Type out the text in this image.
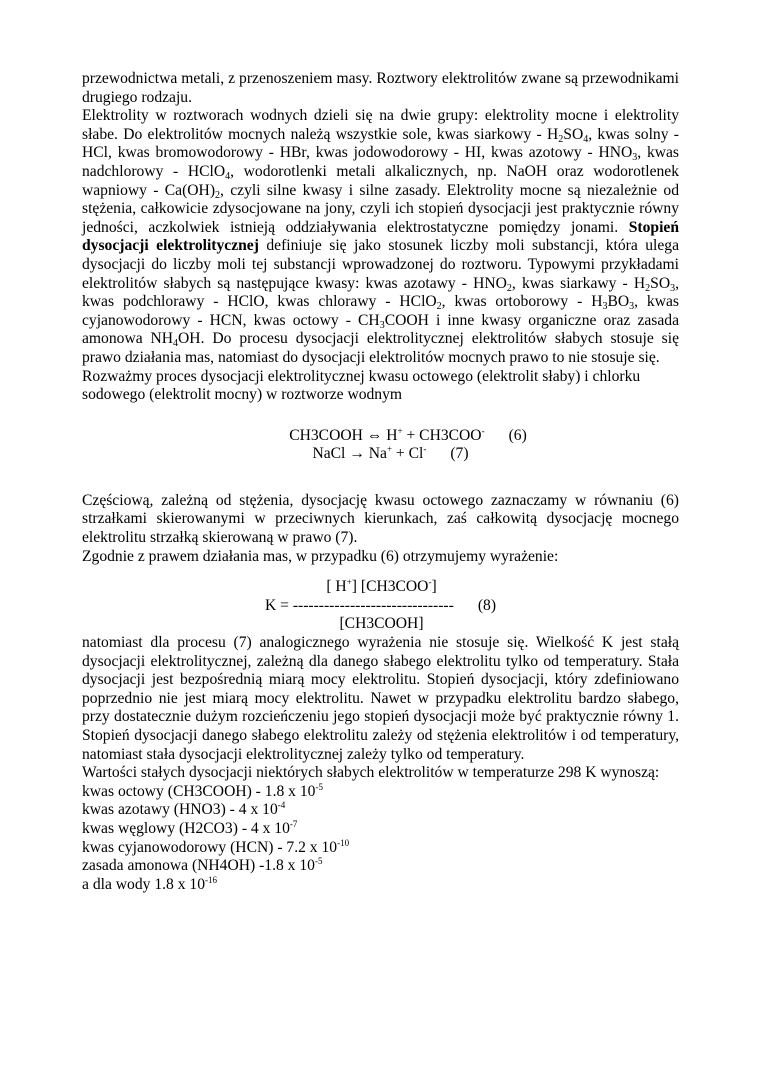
przewodnictwa metali, z przenoszeniem masy. Roztwory elektrolitów zwane są przewodnikami drugiego rodzaju.

Elektrolity w roztworach wodnych dzieli się na dwie grupy: elektrolity mocne i elektrolity słabe. Do elektrolitów mocnych należą wszystkie sole, kwas siarkowy - $H_2SO_4$, kwas solny - HCl, kwas bromowodorowy - HBr, kwas jodowodorowy - HI, kwas azotowy - $HNO_3$, kwas nadchlorowy - HClO$_4$, wodorotlenki metali alkalicznych, np. NaOH oraz wodorotlenek wapniowy - $Ca(OH)_2$, czyli silne kwasy i silne zasady. Elektrolity mocne są niezależnie od stężenia, całkowicie zdysocjowane na jony, czyli ich stopień dysocjacji jest praktycznie równy jedności, aczkolwiek istnieją oddziaływania elektrostatyczne pomiędzy jonami. Stopień dysocjacji elektrolitycznej definiuje się jako stosunek liczby moli substancji, która ulega dysocjacji do liczby moli tej substancji wprowadzonej do roztworu. Typowymi przykładami elektrolitów słabych są następujące kwasy: kwas azotawy - $HNO_2$, kwas siarkawy - $H_2SO_3$, kwas podchlorawy - HClO, kwas chlorawy - HClO$_2$, kwas ortoborowy - $H_3BO_3$, kwas cyjanowodorowy - HCN, kwas octowy - $CH_3COOH$ i inne kwasy organiczne oraz zasada amonowa $NH_4OH$. Do procesu dysocjacji elektrolitycznej elektrolitów słabych stosuje się prawo działania mas, natomiast do dysocjacji elektrolitów mocnych prawo to nie stosuje się.

Rozważmy proces dysocjacji elektrolitycznej kwasu octowego (elektrolit słaby) i chlorku sodowego (elektrolit mocny) w roztworze wodnym

CH3COOH ⇔ H+ + CH3COO- (6)

NaCl → Na+ + Cl- (7)

Częściową, zależną od stężenia, dysocjację kwasu octowego zaznaczamy w równaniu (6) strzałkami skierowanymi w przeciwnych kierunkach, zaś całkowitą dysocjację mocnego elektrolitu strzałką skierowaną w prawo (7).

Zgodnie z prawem działania mas, w przypadku (6) otrzymujemy wyrażenie:

[ H+] [CH3COO-]
K = ------------------------------- (8)
[CH3COOH]

natomiast dla procesu (7) analogicznego wyrażenia nie stosuje się. Wielkość K jest stałą dysocjacji elektrolitycznej, zależną dla danego słabego elektrolitu tylko od temperatury. Stała dysocjacji jest bezpośrednią miarą mocy elektrolitu. Stopień dysocjacji, który zdefiniowano poprzednio nie jest miarą mocy elektrolitu. Nawet w przypadku elektrolitu bardzo słabego, przy dostatecznie dużym rozcieńczeniu jego stopień dysocjacji może być praktycznie równy 1. Stopień dysocjacji danego słabego elektrolitu zależy od stężenia elektrolitów i od temperatury, natomiast stała dysocjacji elektrolitycznej zależy tylko od temperatury.

Wartości stałych dysocjacji niektórych słabych elektrolitów w temperaturze 298 K wynoszą:

kwas octowy (CH3COOH) - 1.8 x $10^{-5}$

kwas azotawy (HNO3) - 4 x $10^{-4}$

kwas węglowy (H2CO3) - 4 x $10^{-7}$

kwas cyjanowodorowy (HCN) - 7.2 x $10^{-10}$

zasada amonowa (NH4OH) -1.8 x $10^{-5}$

a dla wody 1.8 x $10^{-16}$
